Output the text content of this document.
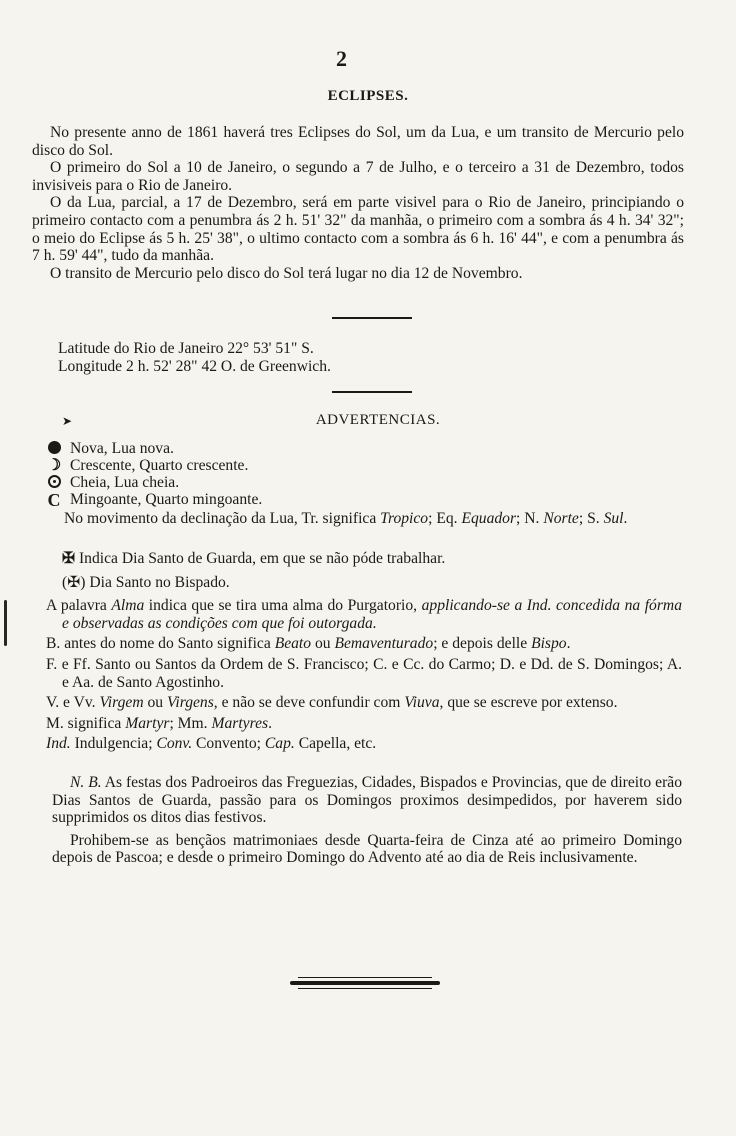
2
ECLIPSES.

No presente anno de 1861 haverá tres Eclipses do Sol, um da Lua, e um transito de Mercurio pelo disco do Sol.

O primeiro do Sol a 10 de Janeiro, o segundo a 7 de Julho, e o terceiro a 31 de Dezembro, todos invisiveis para o Rio de Janeiro.

O da Lua, parcial, a 17 de Dezembro, será em parte visivel para o Rio de Janeiro, principiando o primeiro contacto com a penumbra ás 2 h. 51' 32" da manhãa, o primeiro com a sombra ás 4 h. 34' 32"; o meio do Eclipse ás 5 h. 25' 38", o ultimo contacto com a sombra ás 6 h. 16' 44", e com a penumbra ás 7 h. 59' 44", tudo da manhãa.

O transito de Mercurio pelo disco do Sol terá lugar no dia 12 de Novembro.

Latitude do Rio de Janeiro 22° 53' 51" S.
Longitude 2 h. 52' 28" 42 O. de Greenwich.
➤	ADVERTENCIAS.
Nova, Lua nova.
☽ Crescente, Quarto crescente.
Cheia, Lua cheia.
C Mingoante, Quarto mingoante.

No movimento da declinação da Lua, Tr. significa Tropico; Eq. Equador; N. Norte; S. Sul.

✠ Indica Dia Santo de Guarda, em que se não póde trabalhar.

(✠) Dia Santo no Bispado.

A palavra Alma indica que se tira uma alma do Purgatorio, applicando-se a Ind. concedida na fórma e observadas as condições com que foi outorgada.

B. antes do nome do Santo significa Beato ou Bemaventurado; e depois delle Bispo.

F. e Ff. Santo ou Santos da Ordem de S. Francisco; C. e Cc. do Carmo; D. e Dd. de S. Domingos; A. e Aa. de Santo Agostinho.

V. e Vv. Virgem ou Virgens, e não se deve confundir com Viuva, que se escreve por extenso.

M. significa Martyr; Mm. Martyres.

Ind. Indulgencia; Conv. Convento; Cap. Capella, etc.

N. B. As festas dos Padroeiros das Freguezias, Cidades, Bispados e Provincias, que de direito erão Dias Santos de Guarda, passão para os Domingos proximos desimpedidos, por haverem sido supprimidos os ditos dias festivos.

Prohibem-se as bençãos matrimoniaes desde Quarta-feira de Cinza até ao primeiro Domingo depois de Pascoa; e desde o primeiro Domingo do Advento até ao dia de Reis inclusivamente.
